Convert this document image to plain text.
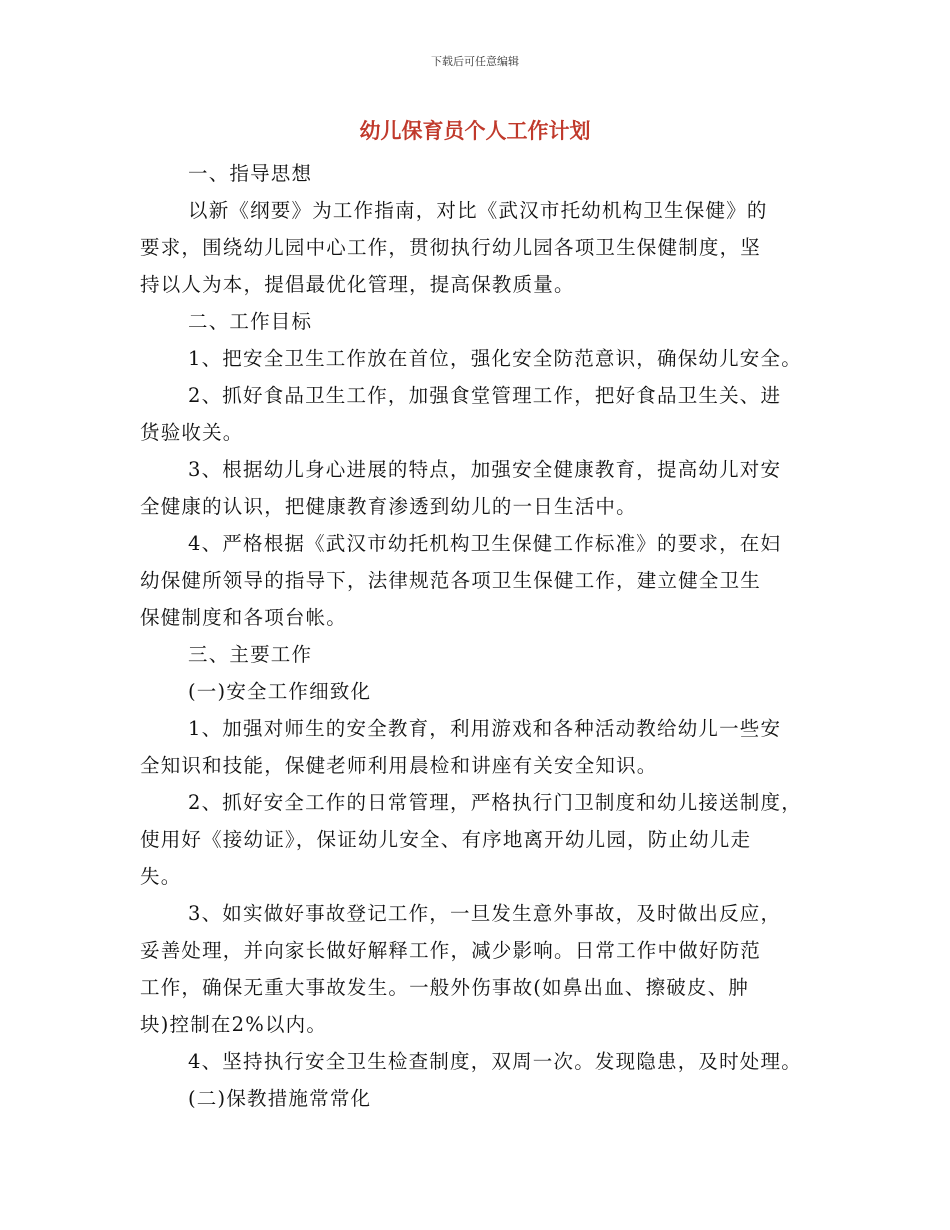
下载后可任意编辑
幼儿保育员个人工作计划
一、指导思想
以新《纲要》为工作指南，对比《武汉市托幼机构卫生保健》的
要求，围绕幼儿园中心工作，贯彻执行幼儿园各项卫生保健制度，坚
持以人为本，提倡最优化管理，提高保教质量。
二、工作目标
1、把安全卫生工作放在首位，强化安全防范意识，确保幼儿安全。
2、抓好食品卫生工作，加强食堂管理工作，把好食品卫生关、进
货验收关。
3、根据幼儿身心进展的特点，加强安全健康教育，提高幼儿对安
全健康的认识，把健康教育渗透到幼儿的一日生活中。
4、严格根据《武汉市幼托机构卫生保健工作标准》的要求，在妇
幼保健所领导的指导下，法律规范各项卫生保健工作，建立健全卫生
保健制度和各项台帐。
三、主要工作
(一)安全工作细致化
1、加强对师生的安全教育，利用游戏和各种活动教给幼儿一些安
全知识和技能，保健老师利用晨检和讲座有关安全知识。
2、抓好安全工作的日常管理，严格执行门卫制度和幼儿接送制度，
使用好《接幼证》，保证幼儿安全、有序地离开幼儿园，防止幼儿走
失。
3、如实做好事故登记工作，一旦发生意外事故，及时做出反应，
妥善处理，并向家长做好解释工作，减少影响。日常工作中做好防范
工作，确保无重大事故发生。一般外伤事故(如鼻出血、擦破皮、肿
块)控制在2%以内。
4、坚持执行安全卫生检查制度，双周一次。发现隐患，及时处理。
(二)保教措施常常化
